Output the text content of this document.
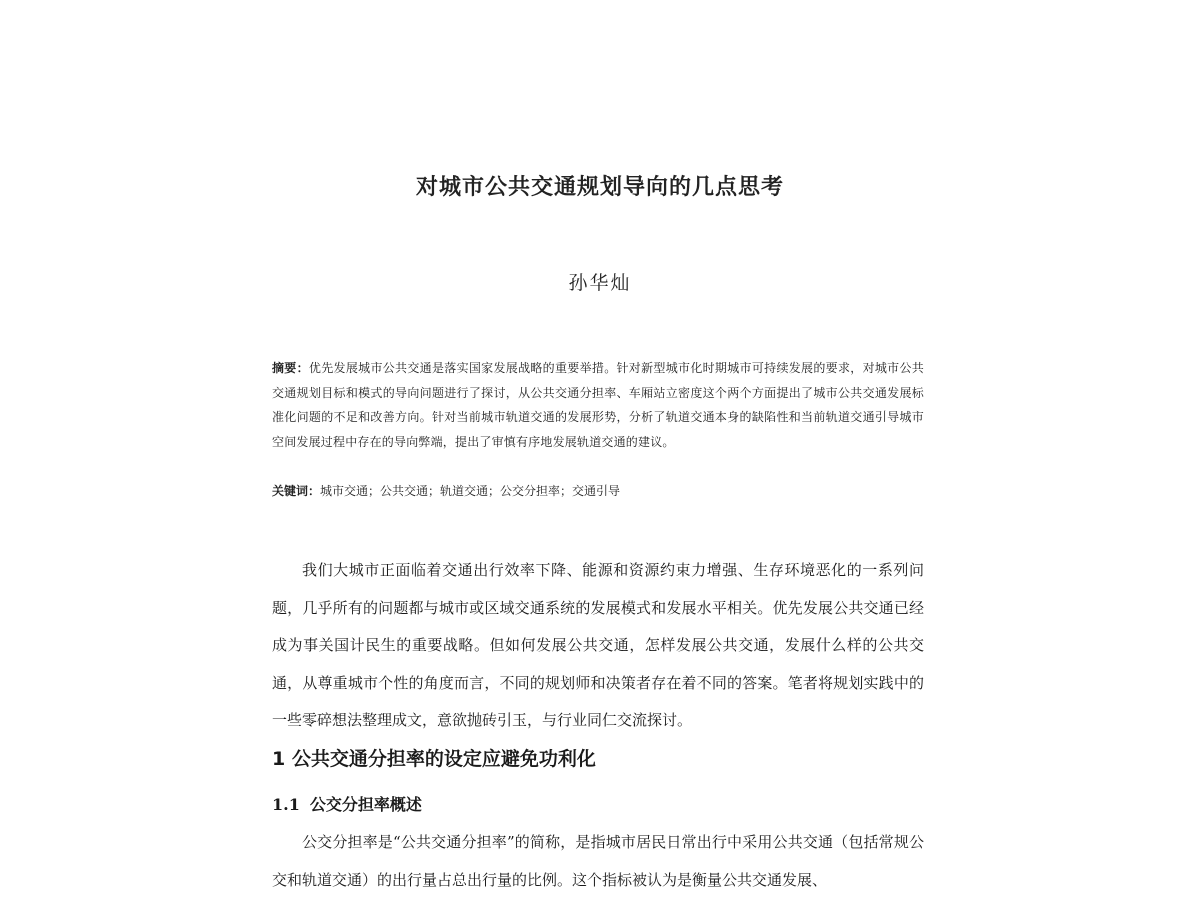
对城市公共交通规划导向的几点思考
孙华灿
摘要：优先发展城市公共交通是落实国家发展战略的重要举措。针对新型城市化时期城市可持续发展的要求，对城市公共交通规划目标和模式的导向问题进行了探讨，从公共交通分担率、车厢站立密度这个两个方面提出了城市公共交通发展标准化问题的不足和改善方向。针对当前城市轨道交通的发展形势，分析了轨道交通本身的缺陷性和当前轨道交通引导城市空间发展过程中存在的导向弊端，提出了审慎有序地发展轨道交通的建议。
关键词：城市交通；公共交通；轨道交通；公交分担率；交通引导
我们大城市正面临着交通出行效率下降、能源和资源约束力增强、生存环境恶化的一系列问题，几乎所有的问题都与城市或区域交通系统的发展模式和发展水平相关。优先发展公共交通已经成为事关国计民生的重要战略。但如何发展公共交通，怎样发展公共交通，发展什么样的公共交通，从尊重城市个性的角度而言，不同的规划师和决策者存在着不同的答案。笔者将规划实践中的一些零碎想法整理成文，意欲抛砖引玉，与行业同仁交流探讨。
1 公共交通分担率的设定应避免功利化
1.1 公交分担率概述
公交分担率是“公共交通分担率”的简称，是指城市居民日常出行中采用公共交通（包括常规公交和轨道交通）的出行量占总出行量的比例。这个指标被认为是衡量公共交通发展、
